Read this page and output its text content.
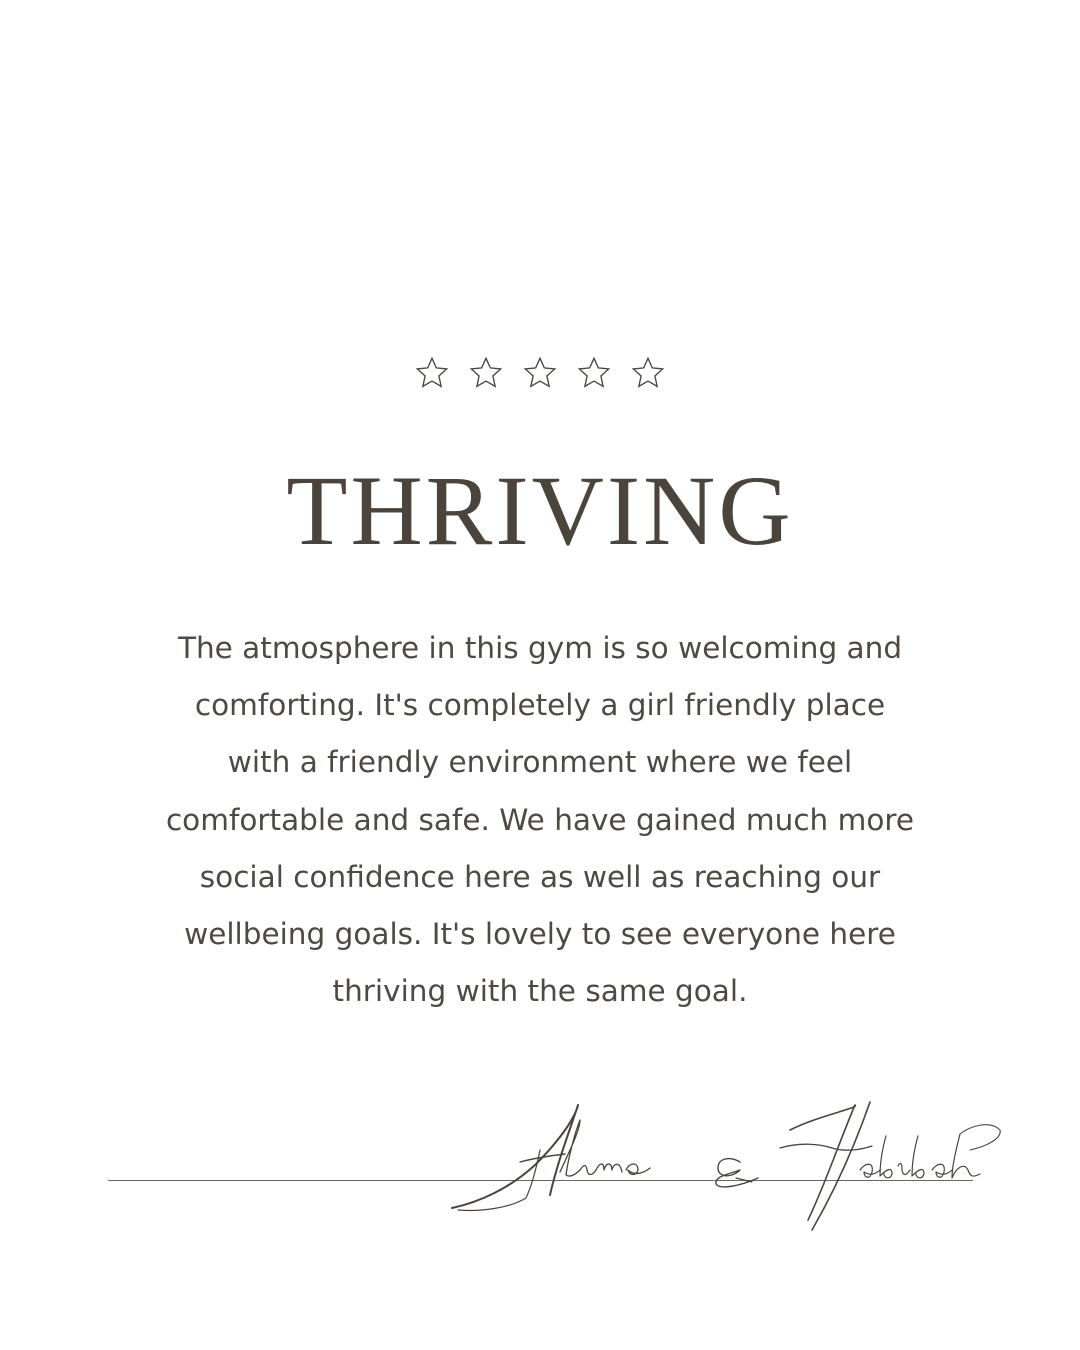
THRIVING

The atmosphere in this gym is so welcoming and comforting. It's completely a girl friendly place with a friendly environment where we feel comfortable and safe. We have gained much more social confidence here as well as reaching our wellbeing goals. It's lovely to see everyone here thriving with the same goal.
